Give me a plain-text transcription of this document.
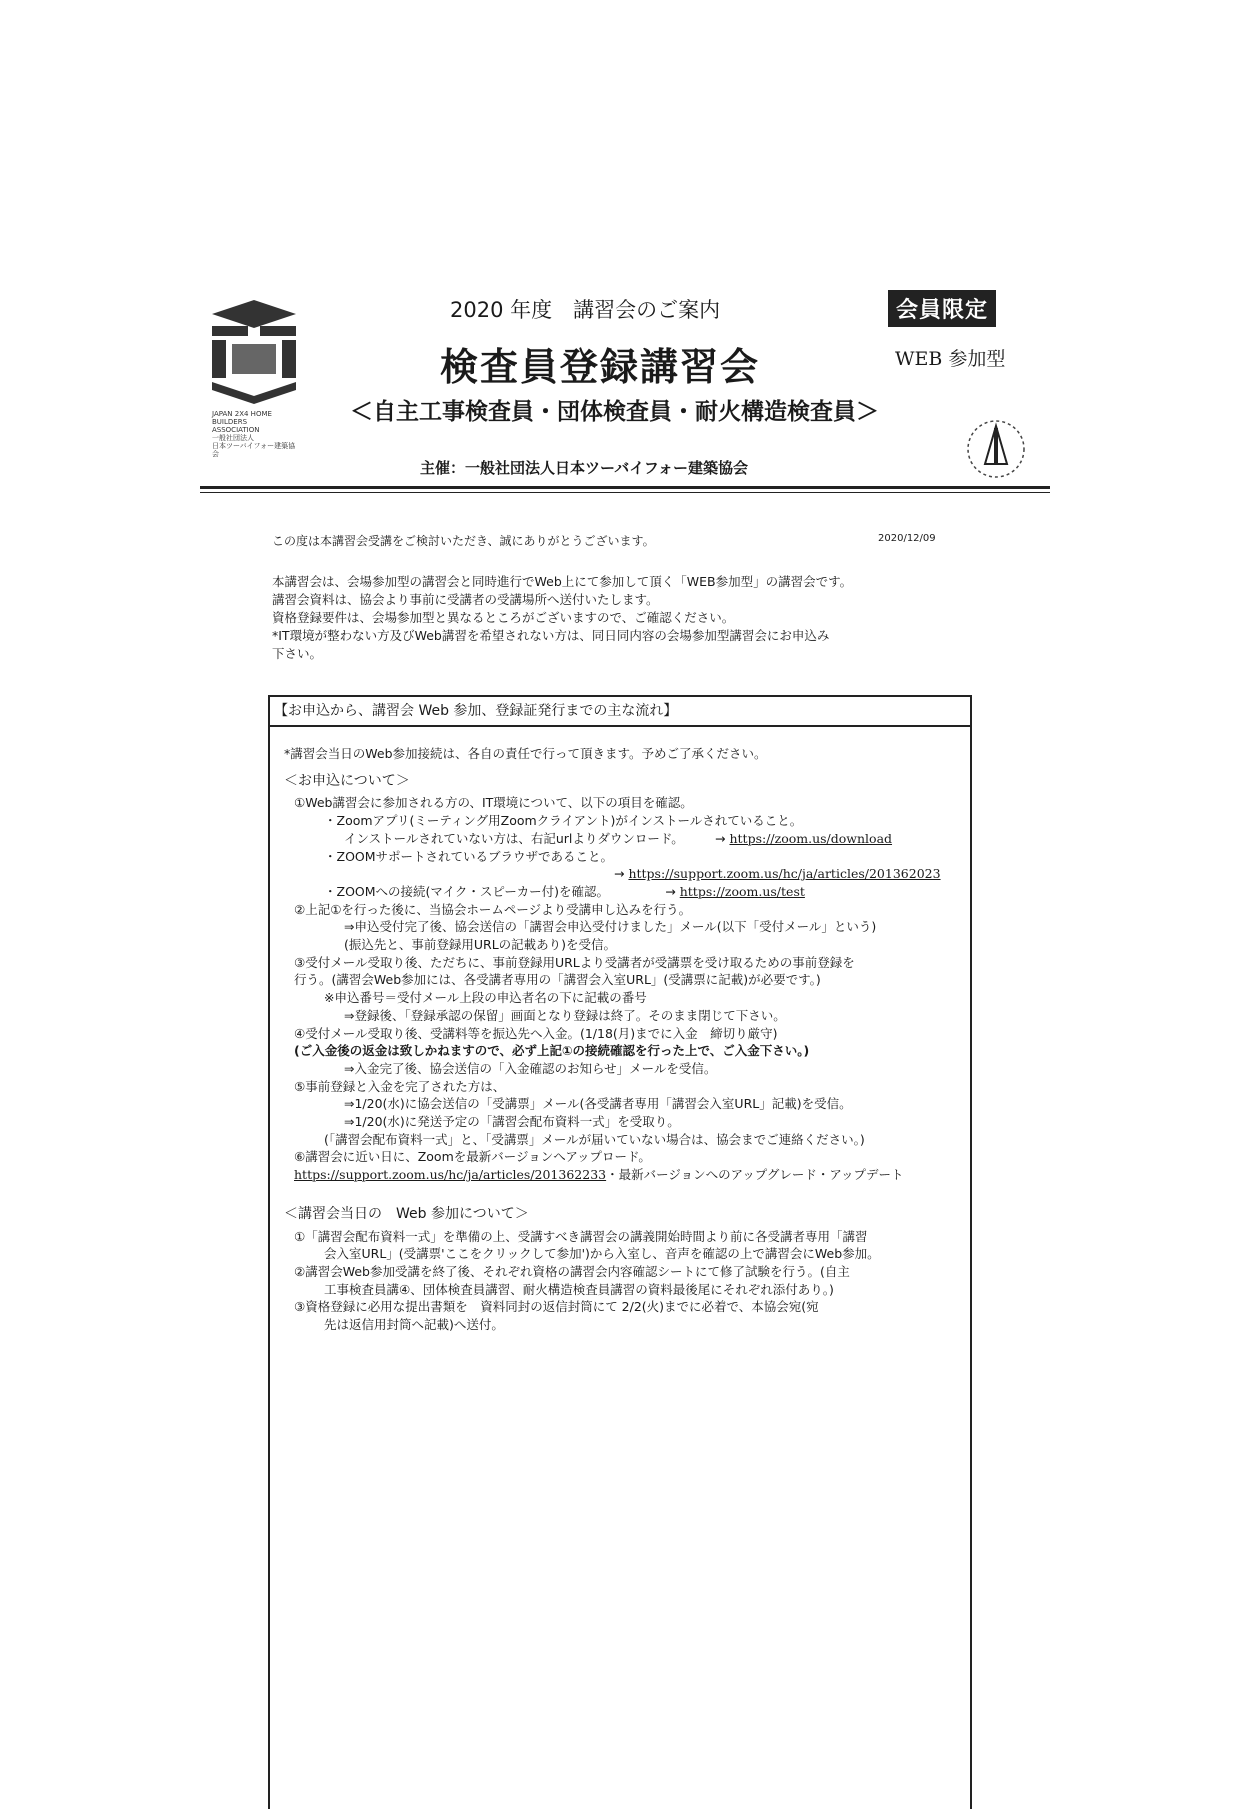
JAPAN 2X4 HOME
BUILDERS
ASSOCIATION
一般社団法人
日本ツーバイフォー建築協会
2020 年度　講習会のご案内	会員限定
WEB 参加型
検査員登録講習会
＜自主工事検査員・団体検査員・耐火構造検査員＞
主催：一般社団法人日本ツーバイフォー建築協会
この度は本講習会受講をご検討いただき、誠にありがとうございます。	2020/12/09
本講習会は、会場参加型の講習会と同時進行でWeb上にて参加して頂く「WEB参加型」の講習会です。
講習会資料は、協会より事前に受講者の受講場所へ送付いたします。
資格登録要件は、会場参加型と異なるところがございますので、ご確認ください。
*IT環境が整わない方及びWeb講習を希望されない方は、同日同内容の会場参加型講習会にお申込み
下さい。
【お申込から、講習会 Web 参加、登録証発行までの主な流れ】

*講習会当日のWeb参加接続は、各自の責任で行って頂きます。予めご了承ください。

＜お申込について＞

①Web講習会に参加される方の、IT環境について、以下の項目を確認。

・Zoomアプリ(ミーティング用Zoomクライアント)がインストールされていること。

インストールされていない方は、右記urlよりダウンロード。　　　→ https://zoom.us/download

・ZOOMサポートされているブラウザであること。

→ https://support.zoom.us/hc/ja/articles/201362023

・ZOOMへの接続(マイク・スピーカー付)を確認。　　　　　→ https://zoom.us/test

②上記①を行った後に、当協会ホームページより受講申し込みを行う。

⇒申込受付完了後、協会送信の「講習会申込受付けました」メール(以下「受付メール」という)

(振込先と、事前登録用URLの記載あり)を受信。

③受付メール受取り後、ただちに、事前登録用URLより受講者が受講票を受け取るための事前登録を

行う。(講習会Web参加には、各受講者専用の「講習会入室URL」(受講票に記載)が必要です。)

※申込番号＝受付メール上段の申込者名の下に記載の番号

⇒登録後、「登録承認の保留」画面となり登録は終了。そのまま閉じて下さい。

④受付メール受取り後、受講料等を振込先へ入金。(1/18(月)までに入金　締切り厳守)

(ご入金後の返金は致しかねますので、必ず上記①の接続確認を行った上で、ご入金下さい。)

⇒入金完了後、協会送信の「入金確認のお知らせ」メールを受信。

⑤事前登録と入金を完了された方は、

⇒1/20(水)に協会送信の「受講票」メール(各受講者専用「講習会入室URL」記載)を受信。

⇒1/20(水)に発送予定の「講習会配布資料一式」を受取り。

(「講習会配布資料一式」と、「受講票」メールが届いていない場合は、協会までご連絡ください。)

⑥講習会に近い日に、Zoomを最新バージョンへアップロード。

https://support.zoom.us/hc/ja/articles/201362233・最新バージョンへのアップグレード・アップデート

＜講習会当日の　Web 参加について＞

①「講習会配布資料一式」を準備の上、受講すべき講習会の講義開始時間より前に各受講者専用「講習

会入室URL」(受講票'ここをクリックして参加')から入室し、音声を確認の上で講習会にWeb参加。

②講習会Web参加受講を終了後、それぞれ資格の講習会内容確認シートにて修了試験を行う。(自主

工事検査員講④、団体検査員講習、耐火構造検査員講習の資料最後尾にそれぞれ添付あり。)

③資格登録に必用な提出書類を　資料同封の返信封筒にて 2/2(火)までに必着で、本協会宛(宛

先は返信用封筒へ記載)へ送付。
